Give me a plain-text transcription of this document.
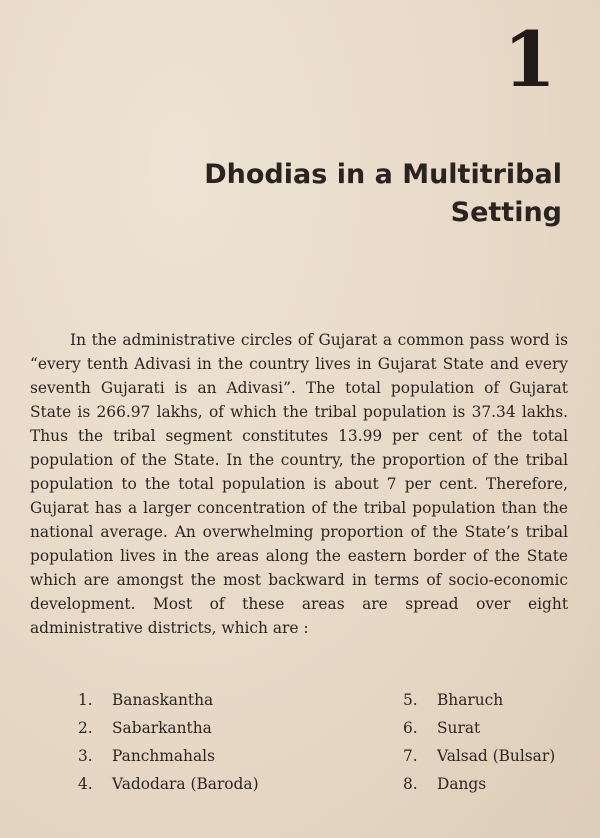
1
Dhodias in a Multitribal
Setting

In the administrative circles of Gujarat a common pass word is “every tenth Adivasi in the country lives in Gujarat State and every seventh Gujarati is an Adivasi”. The total population of Gujarat State is 266.97 lakhs, of which the tribal population is 37.34 lakhs. Thus the tribal segment constitutes 13.99 per cent of the total population of the State. In the country, the proportion of the tribal population to the total population is about 7 per cent. Therefore, Gujarat has a larger concentration of the tribal population than the national average. An overwhelming proportion of the State’s tribal population lives in the areas along the eastern border of the State which are amongst the most backward in terms of socio-economic development. Most of these areas are spread over eight administrative districts, which are :

1. Banaskantha
2. Sabarkantha
3. Panchmahals
4. Vadodara (Baroda)
5. Bharuch
6. Surat
7. Valsad (Bulsar)
8. Dangs
